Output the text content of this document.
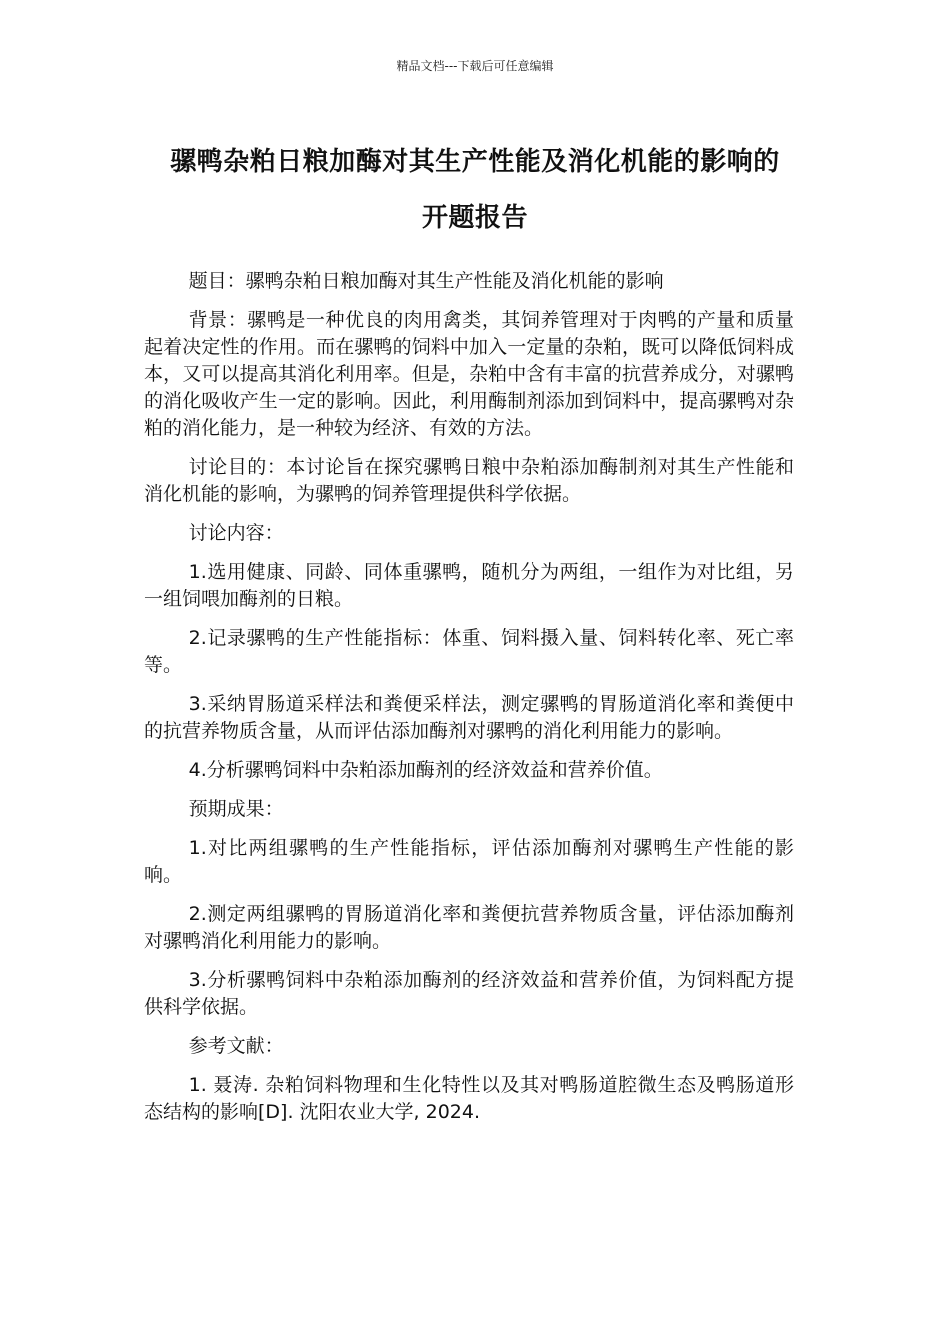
精品文档---下载后可任意编辑
骡鸭杂粕日粮加酶对其生产性能及消化机能的影响的
开题报告

题目：骡鸭杂粕日粮加酶对其生产性能及消化机能的影响

背景：骡鸭是一种优良的肉用禽类，其饲养管理对于肉鸭的产量和质量起着决定性的作用。而在骡鸭的饲料中加入一定量的杂粕，既可以降低饲料成本，又可以提高其消化利用率。但是，杂粕中含有丰富的抗营养成分，对骡鸭的消化吸收产生一定的影响。因此，利用酶制剂添加到饲料中，提高骡鸭对杂粕的消化能力，是一种较为经济、有效的方法。

讨论目的：本讨论旨在探究骡鸭日粮中杂粕添加酶制剂对其生产性能和消化机能的影响，为骡鸭的饲养管理提供科学依据。

讨论内容：

1.选用健康、同龄、同体重骡鸭，随机分为两组，一组作为对比组，另一组饲喂加酶剂的日粮。

2.记录骡鸭的生产性能指标：体重、饲料摄入量、饲料转化率、死亡率等。

3.采纳胃肠道采样法和粪便采样法，测定骡鸭的胃肠道消化率和粪便中的抗营养物质含量，从而评估添加酶剂对骡鸭的消化利用能力的影响。

4.分析骡鸭饲料中杂粕添加酶剂的经济效益和营养价值。

预期成果：

1.对比两组骡鸭的生产性能指标，评估添加酶剂对骡鸭生产性能的影响。

2.测定两组骡鸭的胃肠道消化率和粪便抗营养物质含量，评估添加酶剂对骡鸭消化利用能力的影响。

3.分析骡鸭饲料中杂粕添加酶剂的经济效益和营养价值，为饲料配方提供科学依据。

参考文献：

1. 聂涛. 杂粕饲料物理和生化特性以及其对鸭肠道腔微生态及鸭肠道形态结构的影响[D]. 沈阳农业大学, 2024.
